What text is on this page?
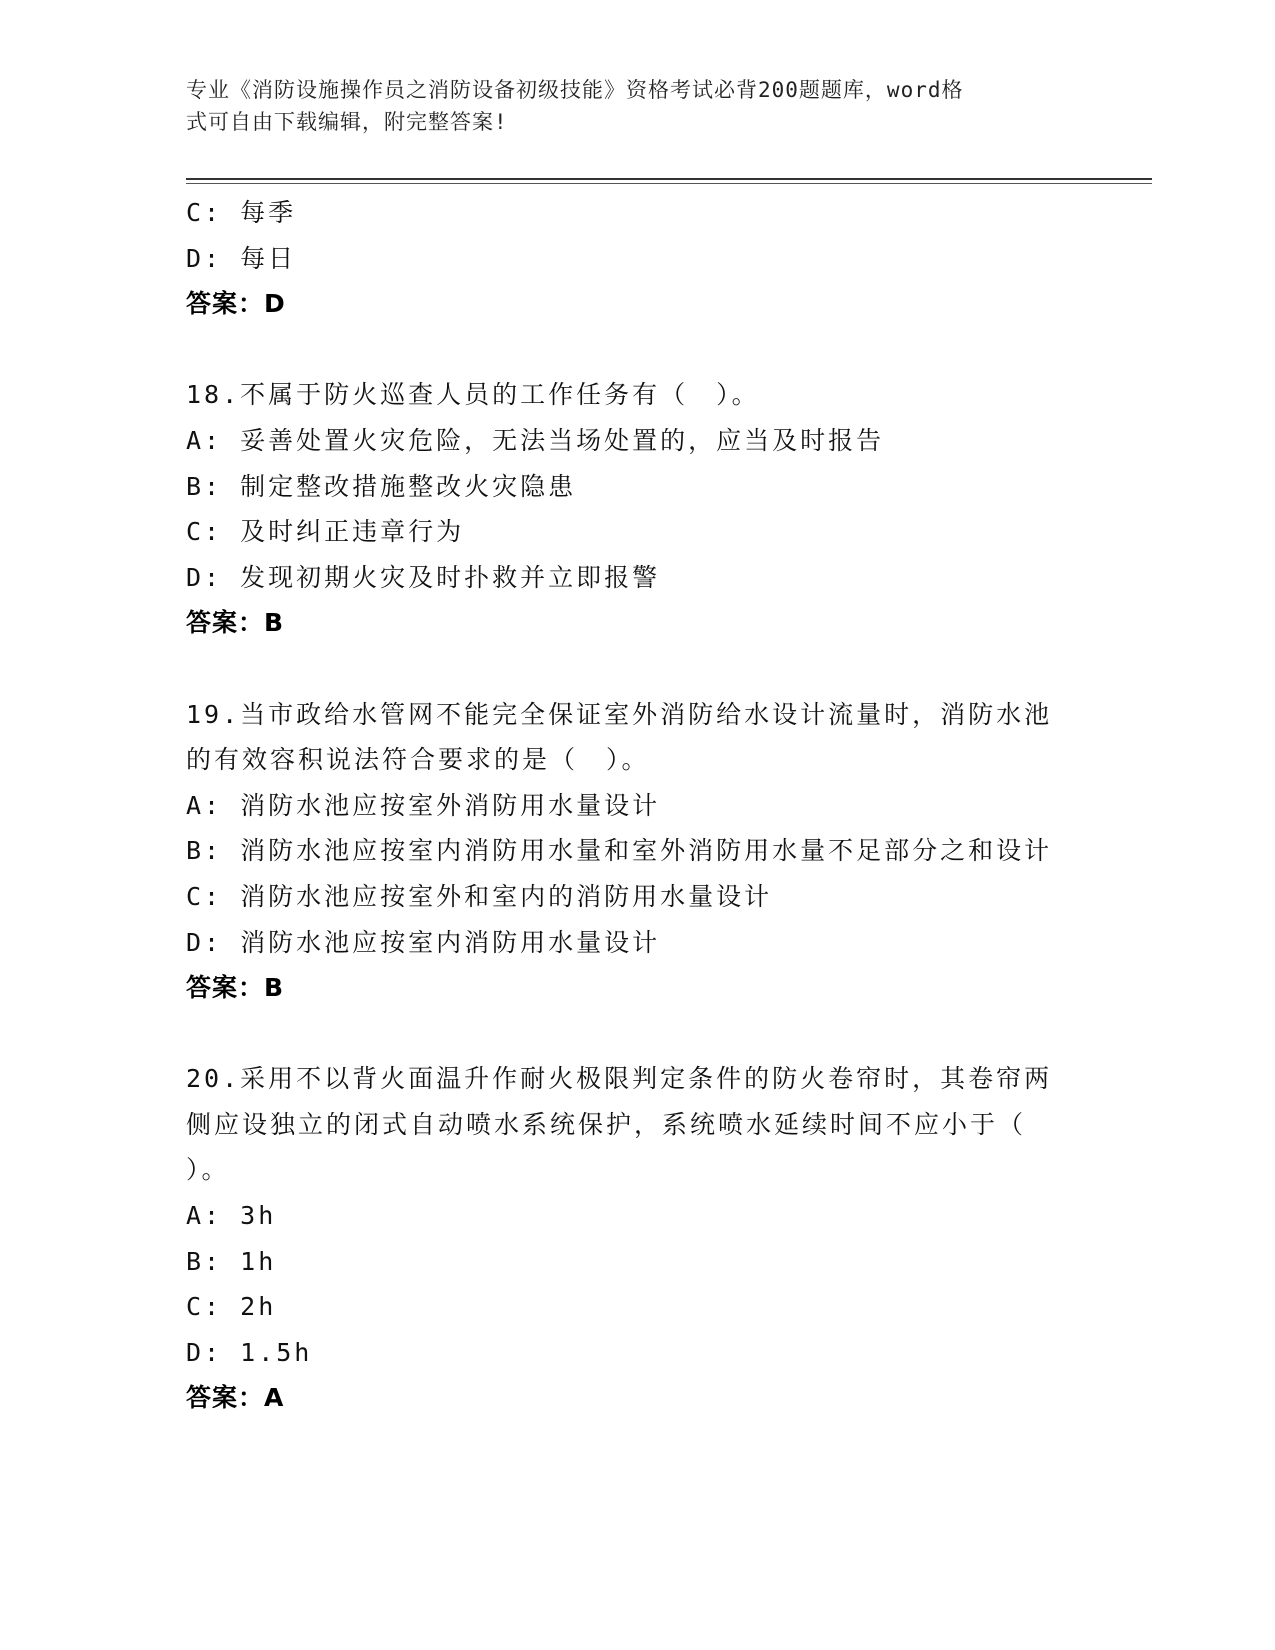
专业《消防设施操作员之消防设备初级技能》资格考试必背200题题库，word格
式可自由下载编辑，附完整答案!
C: 每季
D: 每日
答案：D
18.不属于防火巡查人员的工作任务有（　）。
A: 妥善处置火灾危险，无法当场处置的，应当及时报告
B: 制定整改措施整改火灾隐患
C: 及时纠正违章行为
D: 发现初期火灾及时扑救并立即报警
答案：B
19.当市政给水管网不能完全保证室外消防给水设计流量时，消防水池
的有效容积说法符合要求的是（　）。
A: 消防水池应按室外消防用水量设计
B: 消防水池应按室内消防用水量和室外消防用水量不足部分之和设计
C: 消防水池应按室外和室内的消防用水量设计
D: 消防水池应按室内消防用水量设计
答案：B
20.采用不以背火面温升作耐火极限判定条件的防火卷帘时，其卷帘两
侧应设独立的闭式自动喷水系统保护，系统喷水延续时间不应小于（
）。
A: 3h
B: 1h
C: 2h
D: 1.5h
答案：A
